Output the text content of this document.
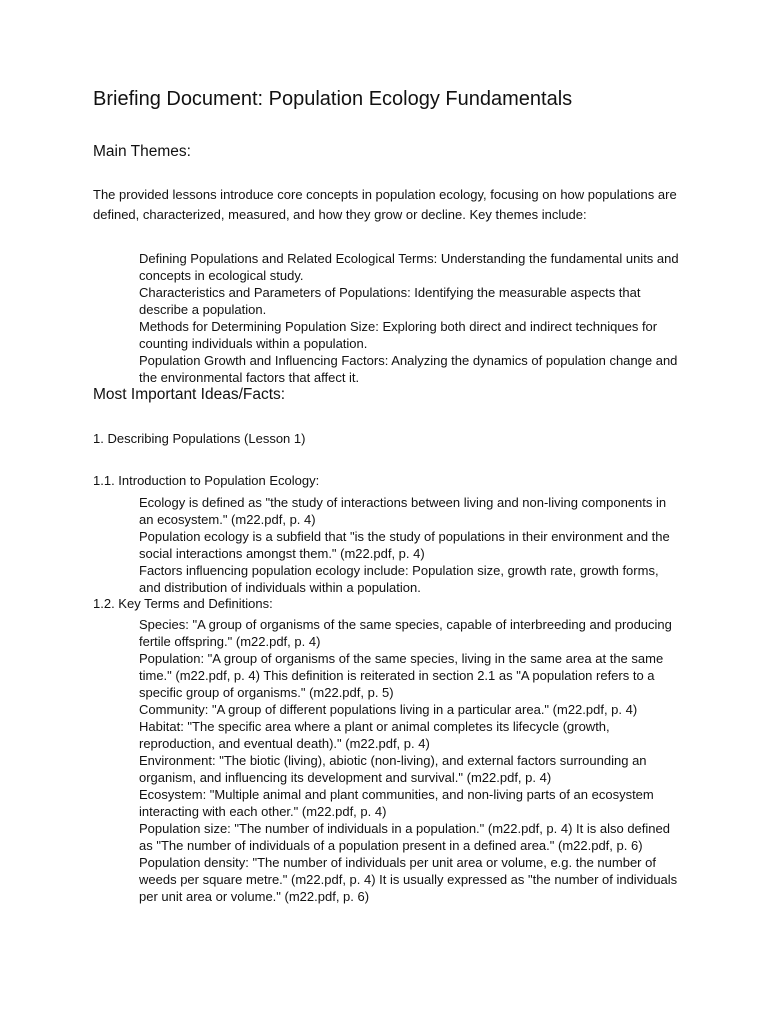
Briefing Document: Population Ecology Fundamentals
Main Themes:

The provided lessons introduce core concepts in population ecology, focusing on how populations are defined, characterized, measured, and how they grow or decline. Key themes include:

Defining Populations and Related Ecological Terms: Understanding the fundamental units and concepts in ecological study.
Characteristics and Parameters of Populations: Identifying the measurable aspects that describe a population.
Methods for Determining Population Size: Exploring both direct and indirect techniques for counting individuals within a population.
Population Growth and Influencing Factors: Analyzing the dynamics of population change and the environmental factors that affect it.
Most Important Ideas/Facts:
1. Describing Populations (Lesson 1)
1.1. Introduction to Population Ecology:
Ecology is defined as "the study of interactions between living and non-living components in an ecosystem." (m22.pdf, p. 4)
Population ecology is a subfield that "is the study of populations in their environment and the social interactions amongst them." (m22.pdf, p. 4)
Factors influencing population ecology include: Population size, growth rate, growth forms, and distribution of individuals within a population.
1.2. Key Terms and Definitions:
Species: "A group of organisms of the same species, capable of interbreeding and producing fertile offspring." (m22.pdf, p. 4)
Population: "A group of organisms of the same species, living in the same area at the same time." (m22.pdf, p. 4) This definition is reiterated in section 2.1 as "A population refers to a specific group of organisms." (m22.pdf, p. 5)
Community: "A group of different populations living in a particular area." (m22.pdf, p. 4)
Habitat: "The specific area where a plant or animal completes its lifecycle (growth, reproduction, and eventual death)." (m22.pdf, p. 4)
Environment: "The biotic (living), abiotic (non-living), and external factors surrounding an organism, and influencing its development and survival." (m22.pdf, p. 4)
Ecosystem: "Multiple animal and plant communities, and non-living parts of an ecosystem interacting with each other." (m22.pdf, p. 4)
Population size: "The number of individuals in a population." (m22.pdf, p. 4) It is also defined as "The number of individuals of a population present in a defined area." (m22.pdf, p. 6)
Population density: "The number of individuals per unit area or volume, e.g. the number of weeds per square metre." (m22.pdf, p. 4) It is usually expressed as "the number of individuals per unit area or volume." (m22.pdf, p. 6)
